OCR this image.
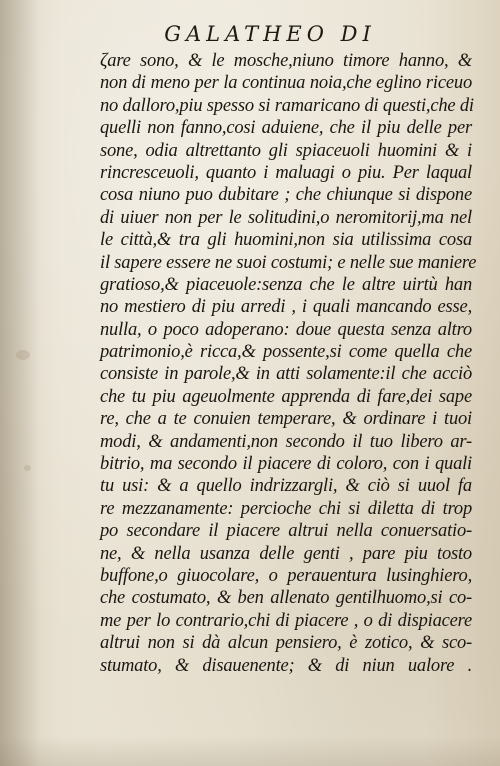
GALATHEO DI
ζare sono, & le mosche,niuno timore hanno, &
non di meno per la continua noia,che eglino riceuo
no dalloro,piu spesso si ramaricano di questi,che di
quelli non fanno,cosi aduiene, che il piu delle per
sone, odia altrettanto gli spiaceuoli huomini & i
rincresceuoli, quanto i maluagi o piu. Per laqual
cosa niuno puo dubitare ; che chiunque si dispone
di uiuer non per le solitudini,o neromitorij,ma nel
le città,& tra gli huomini,non sia utilissima cosa
il sapere essere ne suoi costumi; e nelle sue maniere
gratioso,& piaceuole:senza che le altre uirtù han
no mestiero di piu arredi , i quali mancando esse,
nulla, o poco adoperano: doue questa senza altro
patrimonio,è ricca,& possente,si come quella che
consiste in parole,& in atti solamente:il che acciò
che tu piu ageuolmente apprenda di fare,dei sape
re, che a te conuien temperare, & ordinare i tuoi
modi, & andamenti,non secondo il tuo libero ar-
bitrio, ma secondo il piacere di coloro, con i quali
tu usi: & a quello indrizzargli, & ciò si uuol fa
re mezzanamente: percioche chi si diletta di trop
po secondare il piacere altrui nella conuersatio-
ne, & nella usanza delle genti , pare piu tosto
buffone,o giuocolare, o perauentura lusinghiero,
che costumato, & ben allenato gentilhuomo,si co-
me per lo contrario,chi di piacere , o di dispiacere
altrui non si dà alcun pensiero, è zotico, & sco-
stumato, & disauenente; & di niun ualore .
